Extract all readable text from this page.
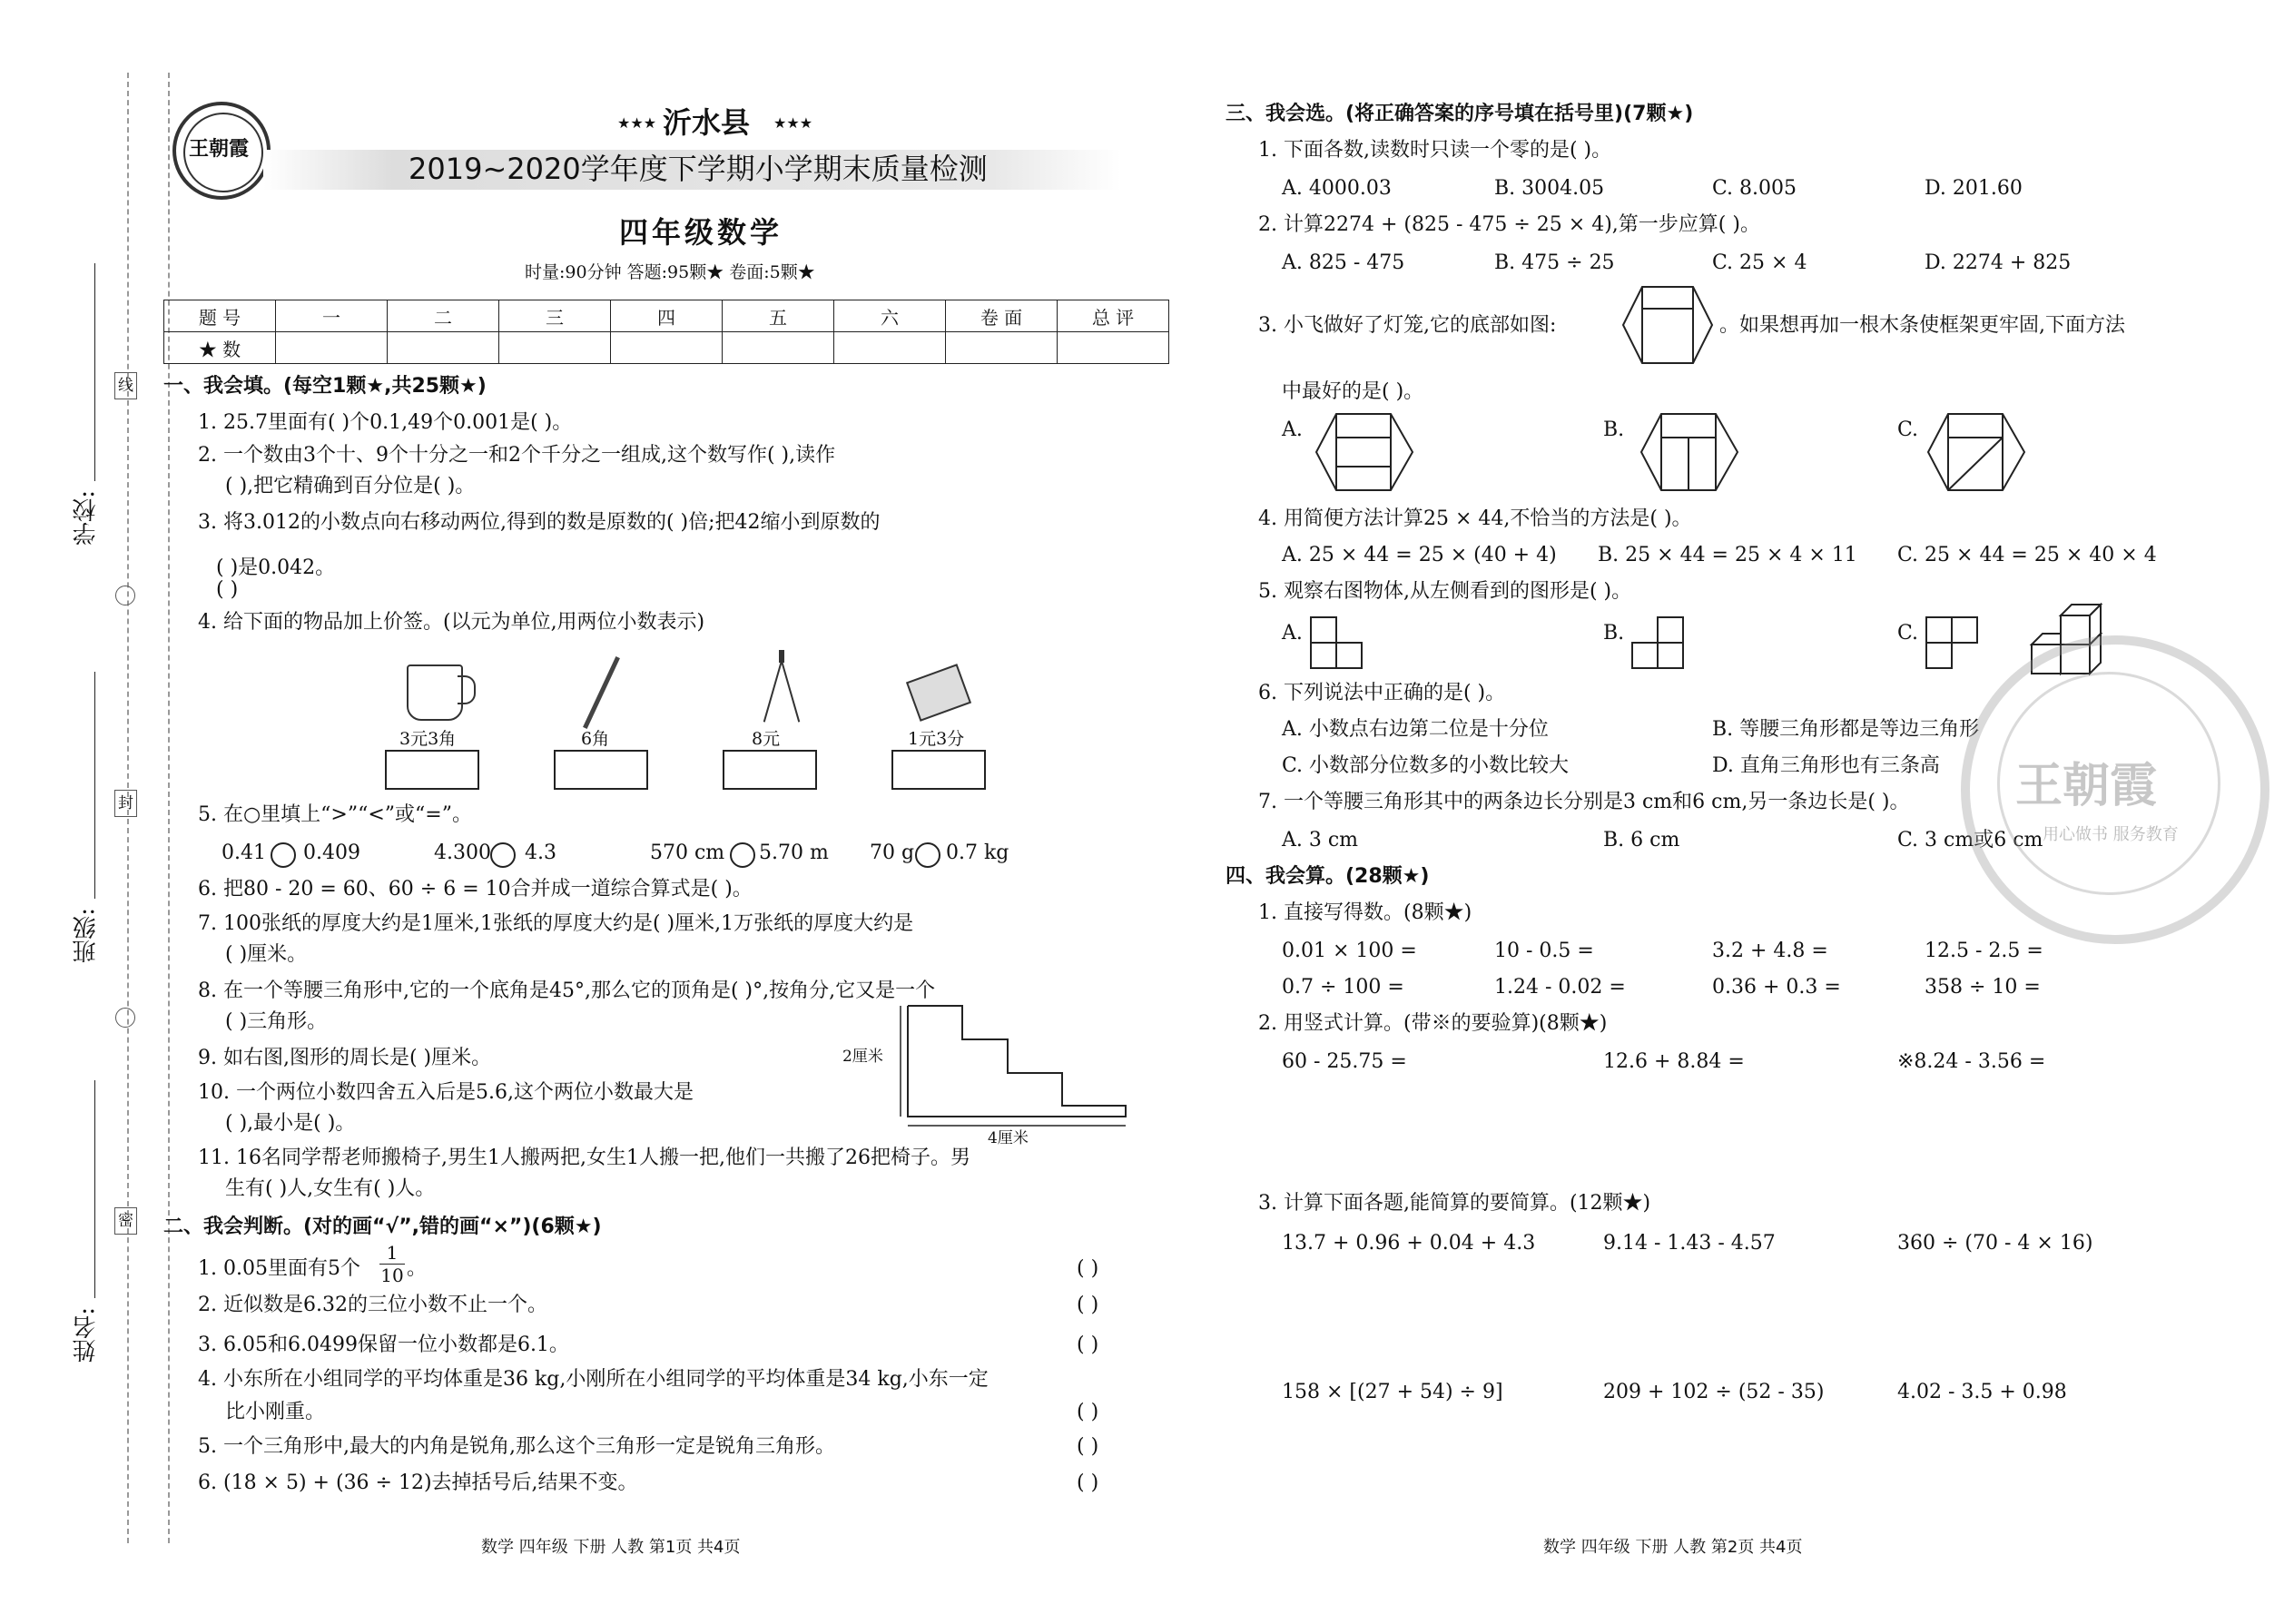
学校:
班级:
姓名:
线
封
密
王朝霞
★★★ 沂水县 ★★★
2019~2020学年度下学期小学期末质量检测
四年级数学
时量:90分钟 答题:95颗★ 卷面:5颗★
题 号	一	二	三	四	五	六	卷 面	总 评
★ 数								
一、我会填。(每空1颗★,共25颗★)
1. 25.7里面有( )个0.1,49个0.001是( )。
2. 一个数由3个十、9个十分之一和2个千分之一组成,这个数写作( ),读作
( ),把它精确到百分位是( )。
3. 将3.012的小数点向右移动两位,得到的数是原数的( )倍;把42缩小到原数的
( )是0.042。
( )
4. 给下面的物品加上价签。(以元为单位,用两位小数表示)
3元3角	6角	8元	1元3分
5. 在○里填上“>”“<”或“=”。
0.41 0.409	4.300 4.3	570 cm 5.70 m 70 g 0.7 kg
6. 把80 - 20 = 60、60 ÷ 6 = 10合并成一道综合算式是( )。
7. 100张纸的厚度大约是1厘米,1张纸的厚度大约是( )厘米,1万张纸的厚度大约是
( )厘米。
8. 在一个等腰三角形中,它的一个底角是45°,那么它的顶角是( )°,按角分,它又是一个
( )三角形。
9. 如右图,图形的周长是( )厘米。
10. 一个两位小数四舍五入后是5.6,这个两位小数最大是
( ),最小是( )。
11. 16名同学帮老师搬椅子,男生1人搬两把,女生1人搬一把,他们一共搬了26把椅子。男
生有( )人,女生有( )人。
2厘米
4厘米
二、我会判断。(对的画“√”,错的画“×”)(6颗★)
1. 0.05里面有5个 $\frac{1}{10}$ 。
2. 近似数是6.32的三位小数不止一个。
3. 6.05和6.0499保留一位小数都是6.1。
4. 小东所在小组同学的平均体重是36 kg,小刚所在小组同学的平均体重是34 kg,小东一定
比小刚重。
5. 一个三角形中,最大的内角是锐角,那么这个三角形一定是锐角三角形。
6. (18 × 5) + (36 ÷ 12)去掉括号后,结果不变。
( )
( )
( )
( )
( )
( )
数学 四年级 下册 人教 第1页 共4页
三、我会选。(将正确答案的序号填在括号里)(7颗★)
1. 下面各数,读数时只读一个零的是( )。
A. 4000.03	B. 3004.05	C. 8.005	D. 201.60
2. 计算2274 + (825 - 475 ÷ 25 × 4),第一步应算( )。
A. 825 - 475	B. 475 ÷ 25	C. 25 × 4	D. 2274 + 825
3. 小飞做好了灯笼,它的底部如图:	。如果想再加一根木条使框架更牢固,下面方法
中最好的是( )。
A.	B.	C.
4. 用简便方法计算25 × 44,不恰当的方法是( )。
A. 25 × 44 = 25 × (40 + 4) B. 25 × 44 = 25 × 4 × 11 C. 25 × 44 = 25 × 40 × 4
5. 观察右图物体,从左侧看到的图形是( )。
A.	B.	C.
6. 下列说法中正确的是( )。
A. 小数点右边第二位是十分位	B. 等腰三角形都是等边三角形
C. 小数部分位数多的小数比较大	D. 直角三角形也有三条高
7. 一个等腰三角形其中的两条边长分别是3 cm和6 cm,另一条边长是( )。
A. 3 cm	B. 6 cm	C. 3 cm或6 cm
四、我会算。(28颗★)
1. 直接写得数。(8颗★)
0.01 × 100 =	10 - 0.5 =	3.2 + 4.8 =	12.5 - 2.5 =
0.7 ÷ 100 =	1.24 - 0.02 =	0.36 + 0.3 =	358 ÷ 10 =
2. 用竖式计算。(带※的要验算)(8颗★)
60 - 25.75 =	12.6 + 8.84 =	※8.24 - 3.56 =
3. 计算下面各题,能简算的要简算。(12颗★)
13.7 + 0.96 + 0.04 + 4.3	9.14 - 1.43 - 4.57	360 ÷ (70 - 4 × 16)
158 × [(27 + 54) ÷ 9]	209 + 102 ÷ (52 - 35)	4.02 - 3.5 + 0.98
王朝霞
用心做书 服务教育
数学 四年级 下册 人教 第2页 共4页
